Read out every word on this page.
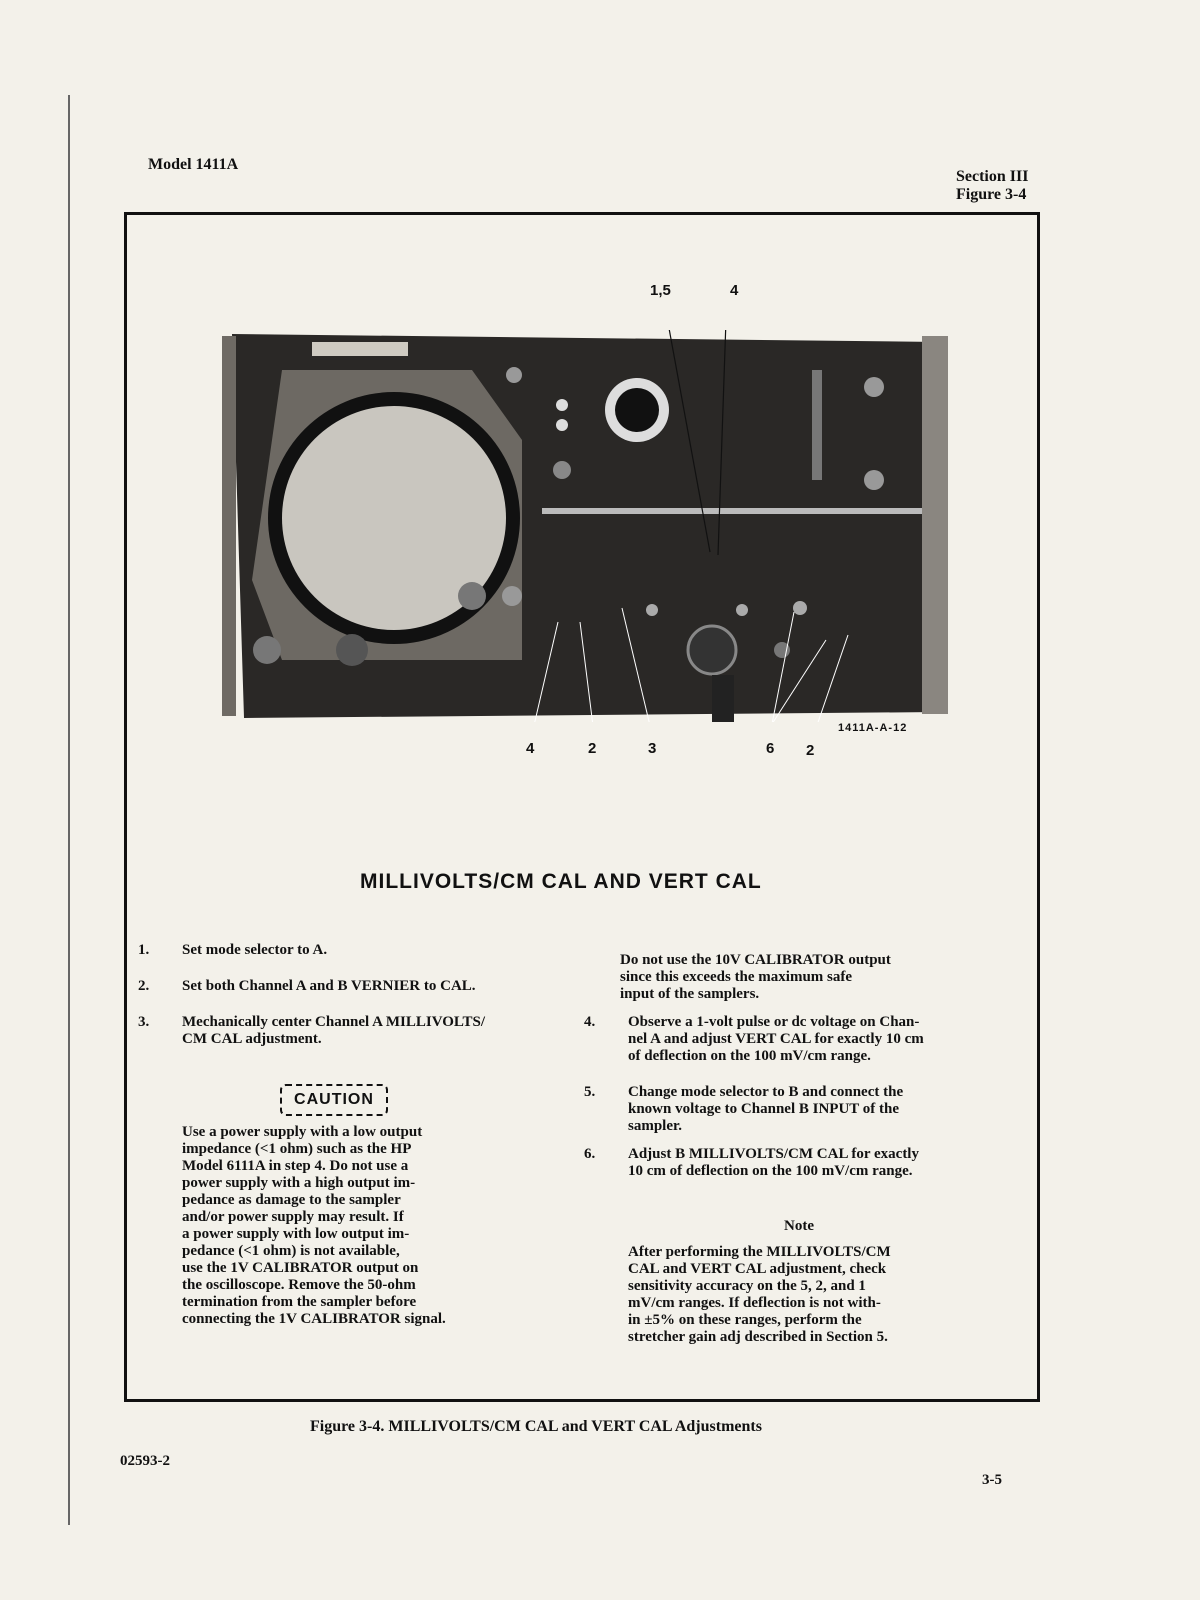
Model 1411A
Section III
Figure 3-4
1,5	4
4	2	3	6 2
1411A-A-12
MILLIVOLTS/CM CAL AND VERT CAL
1. Set mode selector to A.
2. Set both Channel A and B VERNIER to CAL.
3. Mechanically center Channel A MILLIVOLTS/
CM CAL adjustment.
CAUTION
Use a power supply with a low output
impedance (<1 ohm) such as the HP
Model 6111A in step 4. Do not use a
power supply with a high output im-
pedance as damage to the sampler
and/or power supply may result. If
a power supply with low output im-
pedance (<1 ohm) is not available,
use the 1V CALIBRATOR output on
the oscilloscope. Remove the 50-ohm
termination from the sampler before
connecting the 1V CALIBRATOR signal.
Do not use the 10V CALIBRATOR output
since this exceeds the maximum safe
input of the samplers.
4. Observe a 1-volt pulse or dc voltage on Chan-
nel A and adjust VERT CAL for exactly 10 cm
of deflection on the 100 mV/cm range.
5. Change mode selector to B and connect the
known voltage to Channel B INPUT of the
sampler.
6. Adjust B MILLIVOLTS/CM CAL for exactly
10 cm of deflection on the 100 mV/cm range.
Note
After performing the MILLIVOLTS/CM
CAL and VERT CAL adjustment, check
sensitivity accuracy on the 5, 2, and 1
mV/cm ranges. If deflection is not with-
in ±5% on these ranges, perform the
stretcher gain adj described in Section 5.
Figure 3-4. MILLIVOLTS/CM CAL and VERT CAL Adjustments
02593-2
3-5
